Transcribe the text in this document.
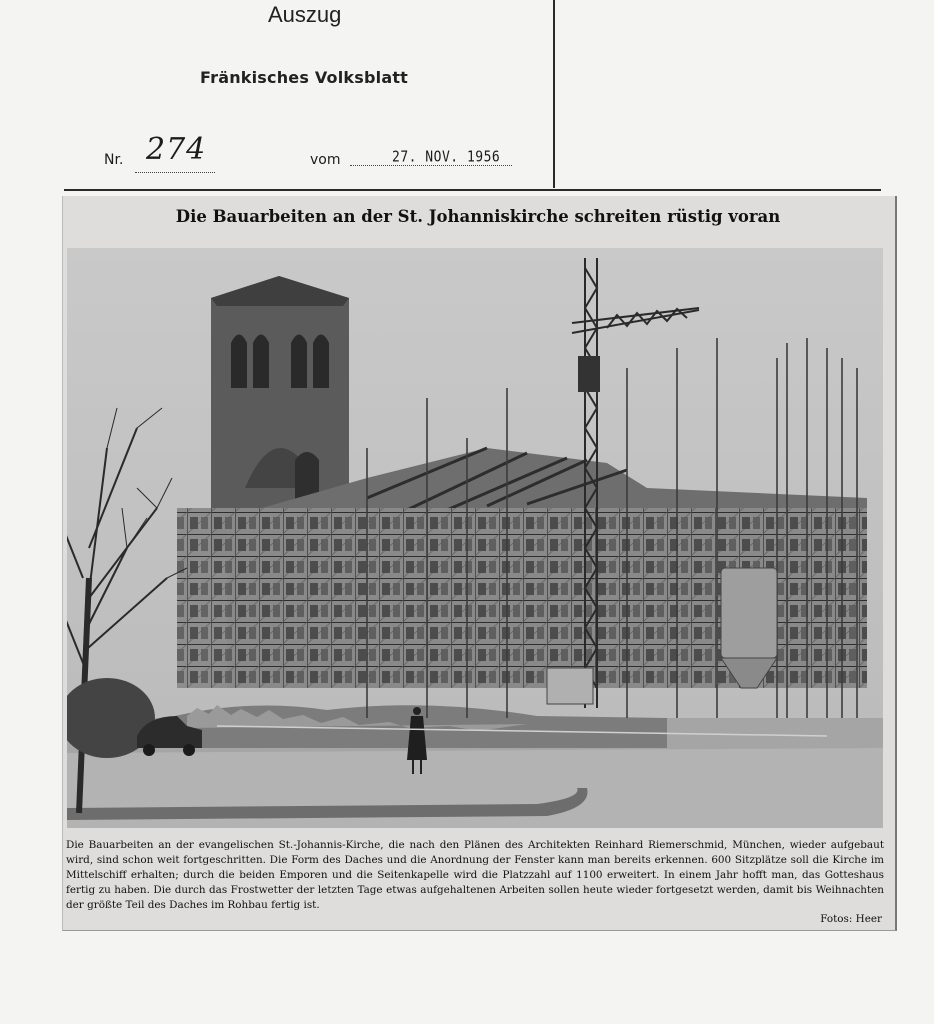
Auszug
Fränkisches Volksblatt
Nr. 274	vom	27. NOV. 1956
Die Bauarbeiten an der St. Johanniskirche schreiten rüstig voran
Die Bauarbeiten an der evangelischen St.-Johannis-Kirche, die nach den Plänen des Architekten Reinhard Riemerschmid, München, wieder aufgebaut wird, sind schon weit fortgeschritten. Die Form des Daches und die Anordnung der Fenster kann man bereits erkennen. 600 Sitzplätze soll die Kirche im Mittelschiff erhalten; durch die beiden Emporen und die Seitenkapelle wird die Platzzahl auf 1100 erweitert. In einem Jahr hofft man, das Gotteshaus fertig zu haben. Die durch das Frostwetter der letzten Tage etwas aufgehaltenen Arbeiten sollen heute wieder fortgesetzt werden, damit bis Weihnachten der größte Teil des Daches im Rohbau fertig ist.
Fotos: Heer
